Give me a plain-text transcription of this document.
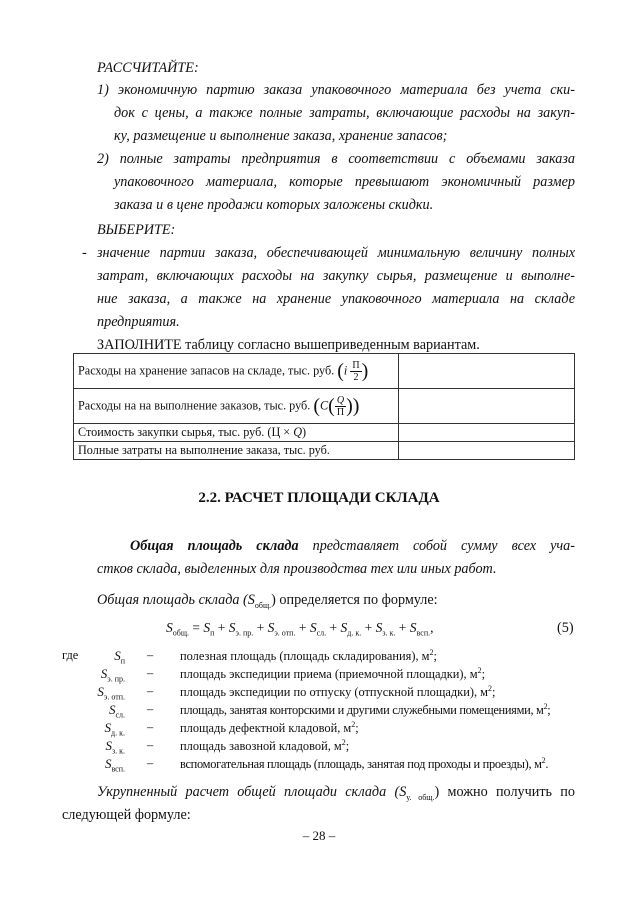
РАССЧИТАЙТЕ:
1) экономичную партию заказа упаковочного материала без учета ски-
док с цены, а также полные затраты, включающие расходы на закуп-
ку, размещение и выполнение заказа, хранение запасов;
2) полные затраты предприятия в соответствии с объемами заказа
упаковочного материала, которые превышают экономичный размер
заказа и в цене продажи которых заложены скидки.
ВЫБЕРИТЕ:
- значение партии заказа, обеспечивающей минимальную величину полных
затрат, включающих расходы на закупку сырья, размещение и выполне-
ние заказа, а также на хранение упаковочного материала на складе
предприятия.
ЗАПОЛНИТЕ таблицу согласно вышеприведенным вариантам.
Расходы на хранение запасов на складе, тыс. руб. ($i \frac{П}{2}$ )	
Расходы на на выполнение заказов, тыс. руб. ($C( \frac{Q}{П}$ ))	
Стоимость закупки сырья, тыс. руб. (Ц × Q)	
Полные затраты на выполнение заказа, тыс. руб.	
2.2. РАСЧЕТ ПЛОЩАДИ СКЛАДА
Общая площадь склада представляет собой сумму всех уча-
стков склада, выделенных для производства тех или иных работ.
Общая площадь склада $(S_{общ.})$ определяется по формуле:
$S_{общ.} = S_п + S_{э. пр.} + S_{э. отп.} + S_{сл.} + S_{д. к.} + S_{з. к.} + S_{всп.}$,	(5)
где	$S_п$ – полезная площадь (площадь складирования), $м^2$;
$S_{э. пр.}$ – площадь экспедиции приема (приемочной площадки), $м^2$;
$S_{э. отп.}$ – площадь экспедиции по отпуску (отпускной площадки), $м^2$;
$S_{сл.}$ – площадь, занятая конторскими и другими служебными помещениями, $м^2$;
$S_{д. к.}$ – площадь дефектной кладовой, $м^2$;
$S_{з. к.}$ – площадь завозной кладовой, $м^2$;
$S_{всп.}$ – вспомогательная площадь (площадь, занятая под проходы и проезды), $м^2$.
Укрупненный расчет общей площади склада $(S_{у. общ.})$ можно получить по
следующей формуле:
– 28 –
